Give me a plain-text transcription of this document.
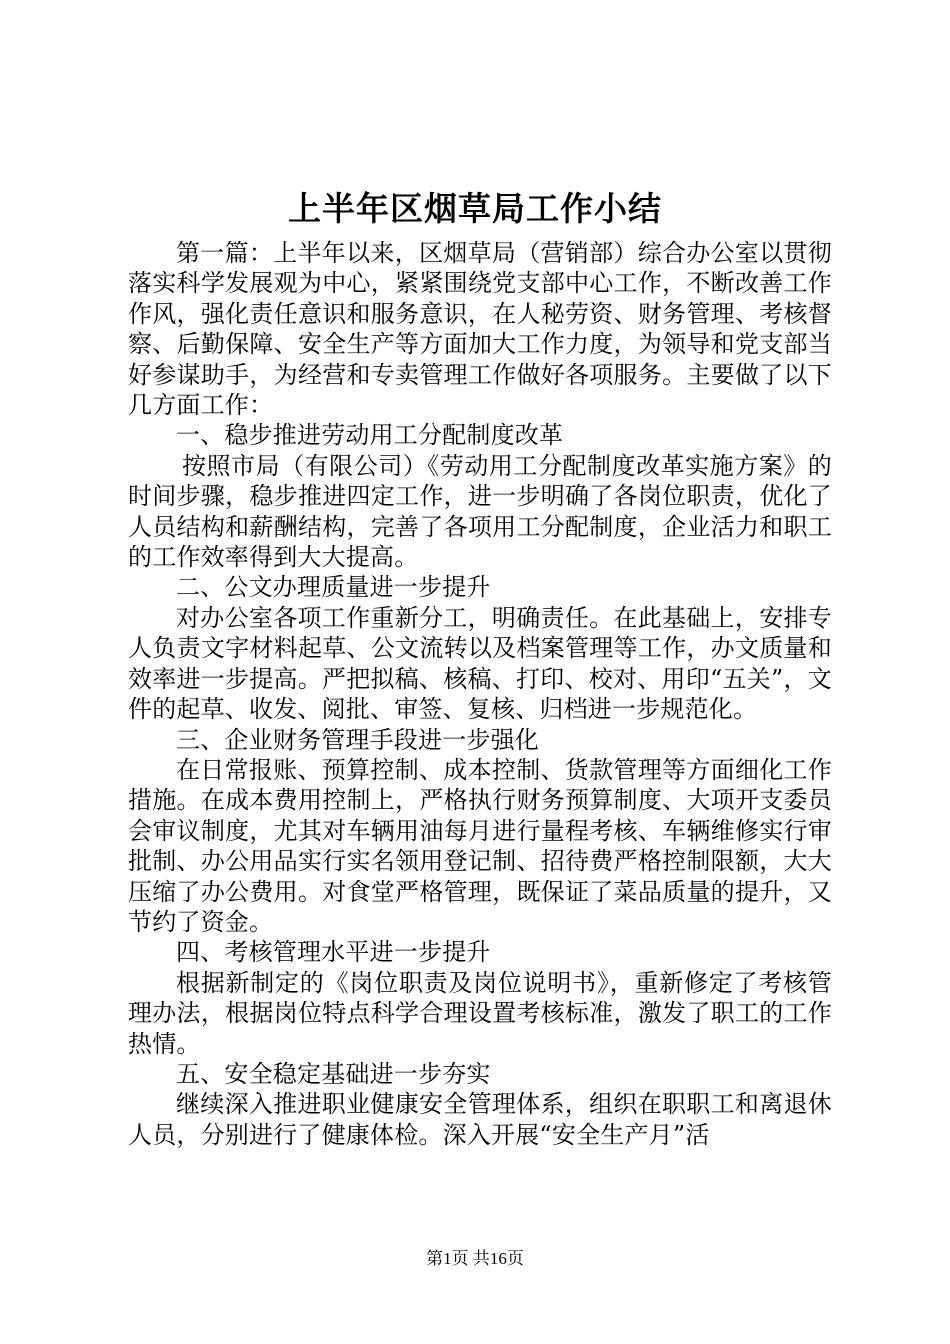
上半年区烟草局工作小结

第一篇：上半年以来，区烟草局（营销部）综合办公室以贯彻落实科学发展观为中心，紧紧围绕党支部中心工作，不断改善工作作风，强化责任意识和服务意识，在人秘劳资、财务管理、考核督察、后勤保障、安全生产等方面加大工作力度，为领导和党支部当好参谋助手，为经营和专卖管理工作做好各项服务。主要做了以下几方面工作：

一、稳步推进劳动用工分配制度改革

按照市局（有限公司）《劳动用工分配制度改革实施方案》的时间步骤，稳步推进四定工作，进一步明确了各岗位职责，优化了人员结构和薪酬结构，完善了各项用工分配制度，企业活力和职工的工作效率得到大大提高。

二、公文办理质量进一步提升

对办公室各项工作重新分工，明确责任。在此基础上，安排专人负责文字材料起草、公文流转以及档案管理等工作，办文质量和效率进一步提高。严把拟稿、核稿、打印、校对、用印“五关”，文件的起草、收发、阅批、审签、复核、归档进一步规范化。

三、企业财务管理手段进一步强化

在日常报账、预算控制、成本控制、货款管理等方面细化工作措施。在成本费用控制上，严格执行财务预算制度、大项开支委员会审议制度，尤其对车辆用油每月进行量程考核、车辆维修实行审批制、办公用品实行实名领用登记制、招待费严格控制限额，大大压缩了办公费用。对食堂严格管理，既保证了菜品质量的提升，又节约了资金。

四、考核管理水平进一步提升

根据新制定的《岗位职责及岗位说明书》，重新修定了考核管理办法，根据岗位特点科学合理设置考核标准，激发了职工的工作热情。

五、安全稳定基础进一步夯实

继续深入推进职业健康安全管理体系，组织在职职工和离退休人员，分别进行了健康体检。深入开展“安全生产月”活

第1页 共16页
